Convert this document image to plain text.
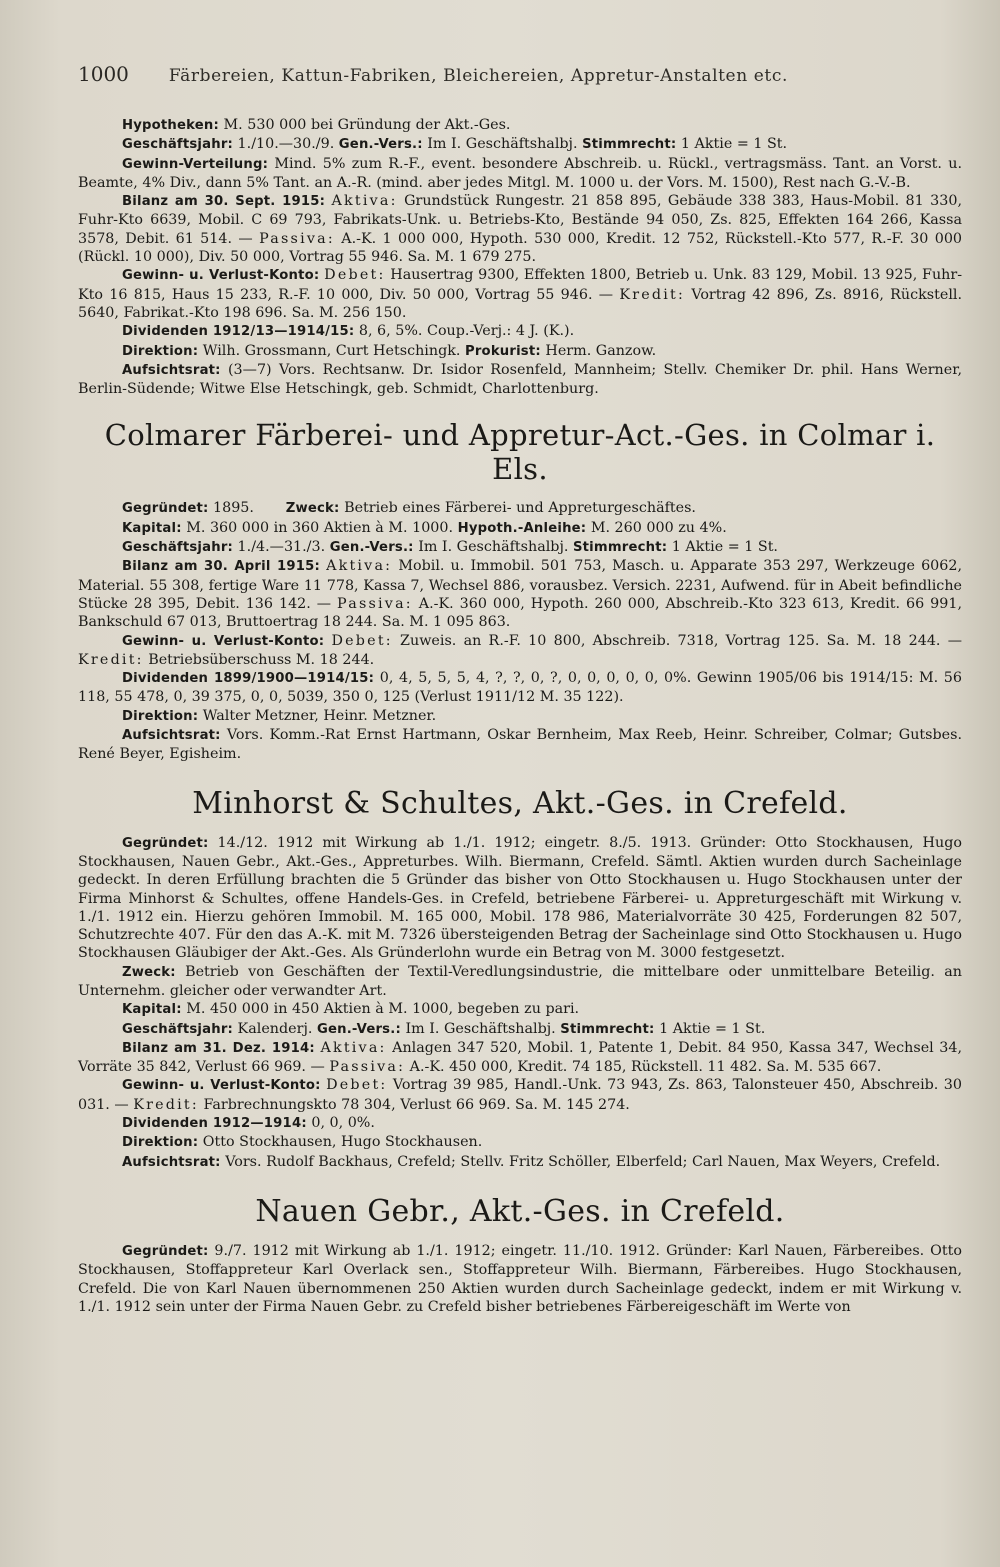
1000 Färbereien, Kattun-Fabriken, Bleichereien, Appretur-Anstalten etc.

Hypotheken: M. 530 000 bei Gründung der Akt.-Ges.

Geschäftsjahr: 1./10.—30./9. Gen.-Vers.: Im I. Geschäftshalbj. Stimmrecht: 1 Aktie = 1 St.

Gewinn-Verteilung: Mind. 5% zum R.-F., event. besondere Abschreib. u. Rückl., vertragsmäss. Tant. an Vorst. u. Beamte, 4% Div., dann 5% Tant. an A.-R. (mind. aber jedes Mitgl. M. 1000 u. der Vors. M. 1500), Rest nach G.-V.-B.

Bilanz am 30. Sept. 1915: Aktiva: Grundstück Rungestr. 21 858 895, Gebäude 338 383, Haus-Mobil. 81 330, Fuhr-Kto 6639, Mobil. C 69 793, Fabrikats-Unk. u. Betriebs-Kto, Bestände 94 050, Zs. 825, Effekten 164 266, Kassa 3578, Debit. 61 514. — Passiva: A.-K. 1 000 000, Hypoth. 530 000, Kredit. 12 752, Rückstell.-Kto 577, R.-F. 30 000 (Rückl. 10 000), Div. 50 000, Vortrag 55 946. Sa. M. 1 679 275.

Gewinn- u. Verlust-Konto: Debet: Hausertrag 9300, Effekten 1800, Betrieb u. Unk. 83 129, Mobil. 13 925, Fuhr-Kto 16 815, Haus 15 233, R.-F. 10 000, Div. 50 000, Vortrag 55 946. — Kredit: Vortrag 42 896, Zs. 8916, Rückstell. 5640, Fabrikat.-Kto 198 696. Sa. M. 256 150.

Dividenden 1912/13—1914/15: 8, 6, 5%. Coup.-Verj.: 4 J. (K.).

Direktion: Wilh. Grossmann, Curt Hetschingk. Prokurist: Herm. Ganzow.

Aufsichtsrat: (3—7) Vors. Rechtsanw. Dr. Isidor Rosenfeld, Mannheim; Stellv. Chemiker Dr. phil. Hans Werner, Berlin-Südende; Witwe Else Hetschingk, geb. Schmidt, Charlottenburg.

Colmarer Färberei- und Appretur-Act.-Ges. in Colmar i. Els.

Gegründet: 1895. Zweck: Betrieb eines Färberei- und Appreturgeschäftes.

Kapital: M. 360 000 in 360 Aktien à M. 1000. Hypoth.-Anleihe: M. 260 000 zu 4%.

Geschäftsjahr: 1./4.—31./3. Gen.-Vers.: Im I. Geschäftshalbj. Stimmrecht: 1 Aktie = 1 St.

Bilanz am 30. April 1915: Aktiva: Mobil. u. Immobil. 501 753, Masch. u. Apparate 353 297, Werkzeuge 6062, Material. 55 308, fertige Ware 11 778, Kassa 7, Wechsel 886, vorausbez. Versich. 2231, Aufwend. für in Abeit befindliche Stücke 28 395, Debit. 136 142. — Passiva: A.-K. 360 000, Hypoth. 260 000, Abschreib.-Kto 323 613, Kredit. 66 991, Bankschuld 67 013, Bruttoertrag 18 244. Sa. M. 1 095 863.

Gewinn- u. Verlust-Konto: Debet: Zuweis. an R.-F. 10 800, Abschreib. 7318, Vortrag 125. Sa. M. 18 244. — Kredit: Betriebsüberschuss M. 18 244.

Dividenden 1899/1900—1914/15: 0, 4, 5, 5, 5, 4, ?, ?, 0, ?, 0, 0, 0, 0, 0, 0%. Gewinn 1905/06 bis 1914/15: M. 56 118, 55 478, 0, 39 375, 0, 0, 5039, 350 0, 125 (Verlust 1911/12 M. 35 122).

Direktion: Walter Metzner, Heinr. Metzner.

Aufsichtsrat: Vors. Komm.-Rat Ernst Hartmann, Oskar Bernheim, Max Reeb, Heinr. Schreiber, Colmar; Gutsbes. René Beyer, Egisheim.

Minhorst & Schultes, Akt.-Ges. in Crefeld.

Gegründet: 14./12. 1912 mit Wirkung ab 1./1. 1912; eingetr. 8./5. 1913. Gründer: Otto Stockhausen, Hugo Stockhausen, Nauen Gebr., Akt.-Ges., Appreturbes. Wilh. Biermann, Crefeld. Sämtl. Aktien wurden durch Sacheinlage gedeckt. In deren Erfüllung brachten die 5 Gründer das bisher von Otto Stockhausen u. Hugo Stockhausen unter der Firma Minhorst & Schultes, offene Handels-Ges. in Crefeld, betriebene Färberei- u. Appreturgeschäft mit Wirkung v. 1./1. 1912 ein. Hierzu gehören Immobil. M. 165 000, Mobil. 178 986, Materialvorräte 30 425, Forderungen 82 507, Schutzrechte 407. Für den das A.-K. mit M. 7326 übersteigenden Betrag der Sacheinlage sind Otto Stockhausen u. Hugo Stockhausen Gläubiger der Akt.-Ges. Als Gründerlohn wurde ein Betrag von M. 3000 festgesetzt.

Zweck: Betrieb von Geschäften der Textil-Veredlungsindustrie, die mittelbare oder unmittelbare Beteilig. an Unternehm. gleicher oder verwandter Art.

Kapital: M. 450 000 in 450 Aktien à M. 1000, begeben zu pari.

Geschäftsjahr: Kalenderj. Gen.-Vers.: Im I. Geschäftshalbj. Stimmrecht: 1 Aktie = 1 St.

Bilanz am 31. Dez. 1914: Aktiva: Anlagen 347 520, Mobil. 1, Patente 1, Debit. 84 950, Kassa 347, Wechsel 34, Vorräte 35 842, Verlust 66 969. — Passiva: A.-K. 450 000, Kredit. 74 185, Rückstell. 11 482. Sa. M. 535 667.

Gewinn- u. Verlust-Konto: Debet: Vortrag 39 985, Handl.-Unk. 73 943, Zs. 863, Talonsteuer 450, Abschreib. 30 031. — Kredit: Farbrechnungskto 78 304, Verlust 66 969. Sa. M. 145 274.

Dividenden 1912—1914: 0, 0, 0%.

Direktion: Otto Stockhausen, Hugo Stockhausen.

Aufsichtsrat: Vors. Rudolf Backhaus, Crefeld; Stellv. Fritz Schöller, Elberfeld; Carl Nauen, Max Weyers, Crefeld.

Nauen Gebr., Akt.-Ges. in Crefeld.

Gegründet: 9./7. 1912 mit Wirkung ab 1./1. 1912; eingetr. 11./10. 1912. Gründer: Karl Nauen, Färbereibes. Otto Stockhausen, Stoffappreteur Karl Overlack sen., Stoffappreteur Wilh. Biermann, Färbereibes. Hugo Stockhausen, Crefeld. Die von Karl Nauen übernommenen 250 Aktien wurden durch Sacheinlage gedeckt, indem er mit Wirkung v. 1./1. 1912 sein unter der Firma Nauen Gebr. zu Crefeld bisher betriebenes Färbereigeschäft im Werte von
